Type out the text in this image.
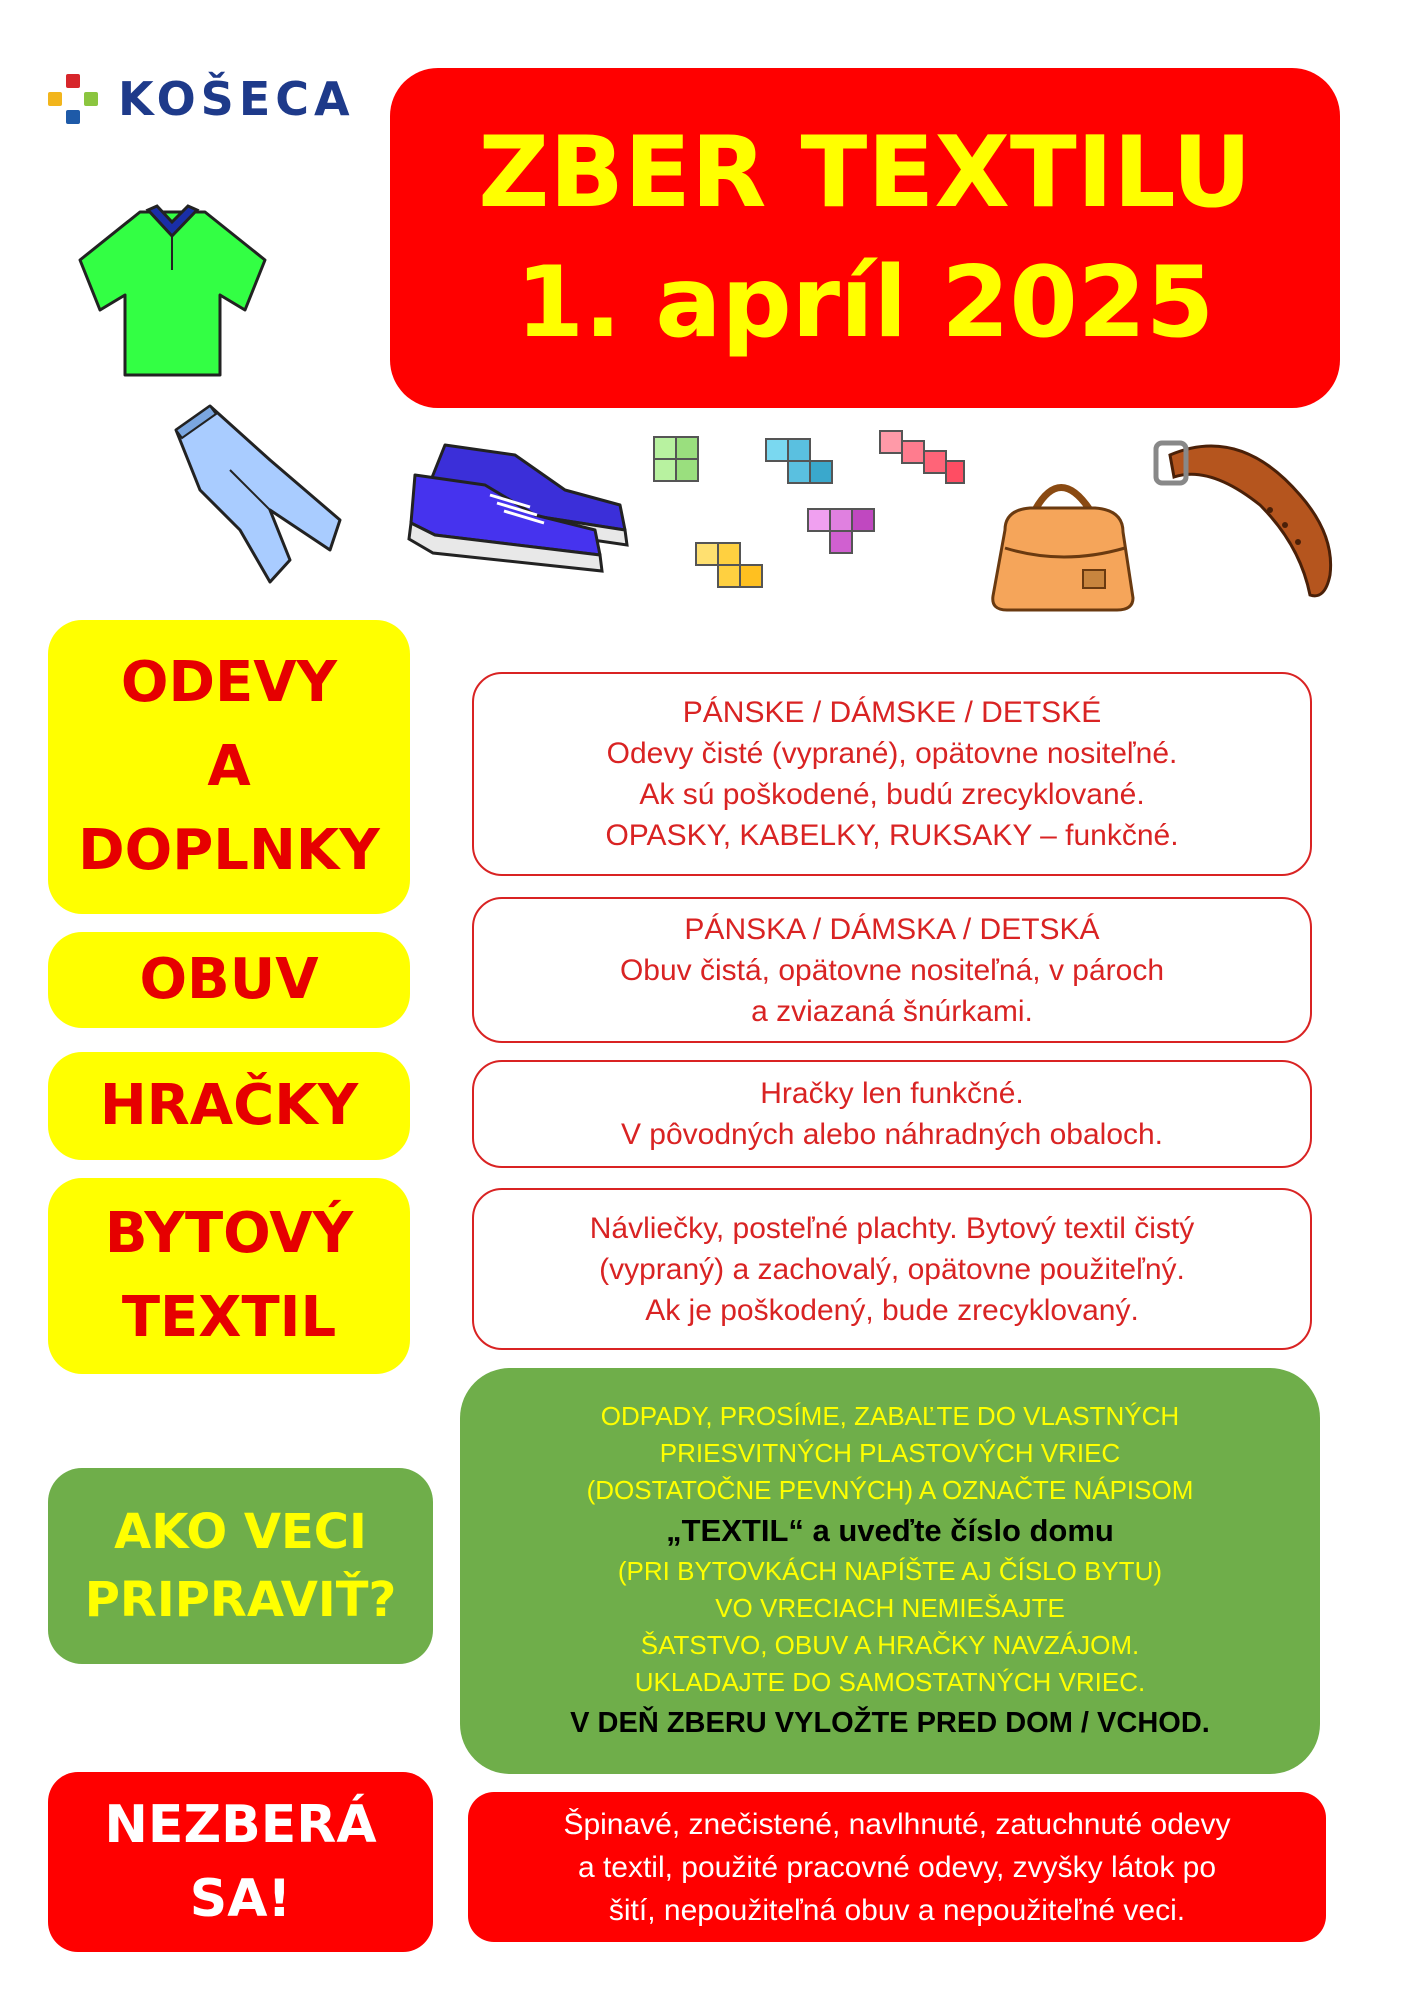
KOŠECA
ZBER TEXTILU
1. apríl 2025
ODEVY
A
DOPLNKY
PÁNSKE / DÁMSKE / DETSKÉ
Odevy čisté (vyprané), opätovne nositeľné.
Ak sú poškodené, budú zrecyklované.
OPASKY, KABELKY, RUKSAKY – funkčné.
OBUV
PÁNSKA / DÁMSKA / DETSKÁ
Obuv čistá, opätovne nositeľná, v pároch
a zviazaná šnúrkami.
HRAČKY	Hračky len funkčné.
V pôvodných alebo náhradných obaloch.
BYTOVÝ
TEXTIL
Návliečky, posteľné plachty. Bytový textil čistý
(vypraný) a zachovalý, opätovne použiteľný.
Ak je poškodený, bude zrecyklovaný.
AKO VECI
PRIPRAVIŤ?
ODPADY, PROSÍME, ZABAĽTE DO VLASTNÝCH
PRIESVITNÝCH PLASTOVÝCH VRIEC
(DOSTATOČNE PEVNÝCH) A OZNAČTE NÁPISOM
„TEXTIL“ a uveďte číslo domu
(PRI BYTOVKÁCH NAPÍŠTE AJ ČÍSLO BYTU)
VO VRECIACH NEMIEŠAJTE
ŠATSTVO, OBUV A HRAČKY NAVZÁJOM.
UKLADAJTE DO SAMOSTATNÝCH VRIEC.
V DEŇ ZBERU VYLOŽTE PRED DOM / VCHOD.
NEZBERÁ
SA!
Špinavé, znečistené, navlhnuté, zatuchnuté odevy
a textil, použité pracovné odevy, zvyšky látok po
šití, nepoužiteľná obuv a nepoužiteľné veci.
